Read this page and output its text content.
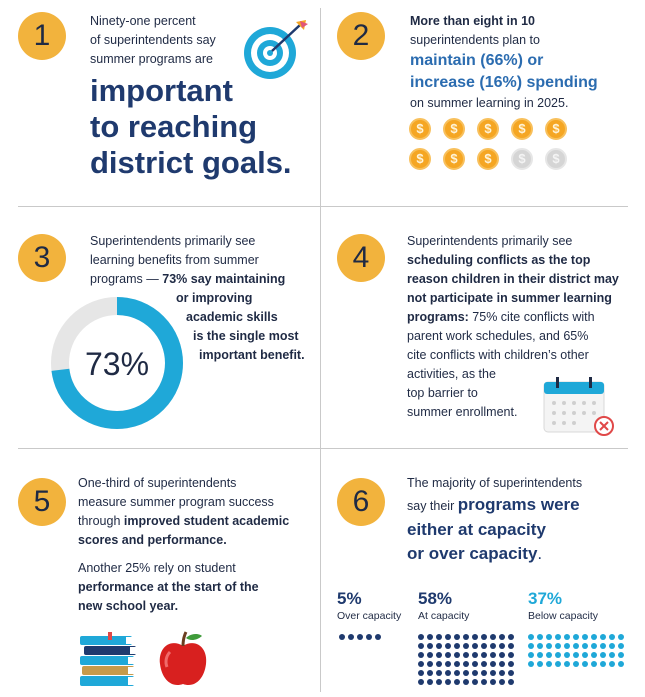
1	Ninety-one percent
of superintendents say
summer programs are
important
to reaching
district goals.
2	More than eight in 10
superintendents plan to
maintain (66%) or
increase (16%) spending
on summer learning in 2025.
$	$	$	$	$
$	$	$	$	$
3	Superintendents primarily see
learning benefits from summer
programs — 73% say maintaining
or improving
academic skills
is the single most
important benefit.
73%
4	Superintendents primarily see
scheduling conflicts as the top
reason children in their district may
not participate in summer learning
programs: 75% cite conflicts with
parent work schedules, and 65%
cite conflicts with children’s other
activities, as the
top barrier to
summer enrollment.
5
One-third of superintendents
measure summer program success
through improved student academic
scores and performance.
Another 25% rely on student
performance at the start of the
new school year.
6
The majority of superintendents
say their programs were
either at capacity
or over capacity.
5%
Over capacity
58%
At capacity
37%
Below capacity
